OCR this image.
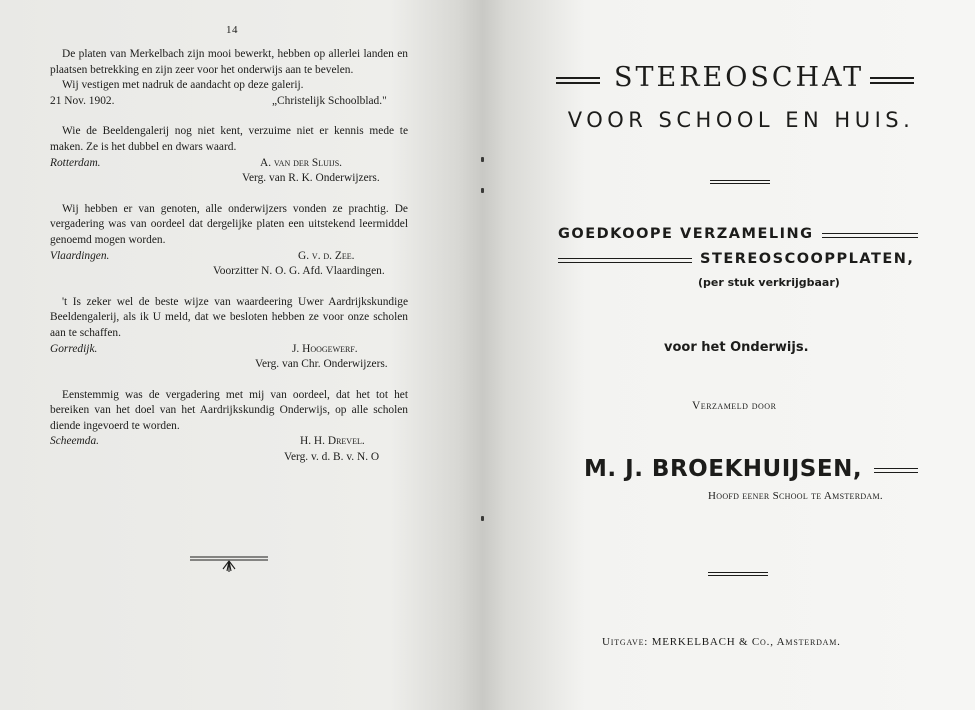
14

De platen van Merkelbach zijn mooi bewerkt, hebben op allerlei landen en plaatsen betrekking en zijn zeer voor het onderwijs aan te bevelen.

Wij vestigen met nadruk de aandacht op deze galerij.

21 Nov. 1902.	„Christelijk Schoolblad."

Wie de Beeldengalerij nog niet kent, verzuime niet er kennis mede te maken. Ze is het dubbel en dwars waard.

Rotterdam.	A. van der Sluijs.
Verg. van R. K. Onderwijzers.

Wij hebben er van genoten, alle onderwijzers vonden ze prachtig. De vergadering was van oordeel dat dergelijke platen een uitstekend leermiddel genoemd mogen worden.

Vlaardingen.	G. v. d. Zee.
Voorzitter N. O. G. Afd. Vlaardingen.

't Is zeker wel de beste wijze van waardeering Uwer Aardrijkskundige Beeldengalerij, als ik U meld, dat we besloten hebben ze voor onze scholen aan te schaffen.

Gorredijk.	J. Hoogewerf.
Verg. van Chr. Onderwijzers.

Eenstemmig was de vergadering met mij van oordeel, dat het tot het bereiken van het doel van het Aardrijkskundig Onderwijs, op alle scholen diende ingevoerd te worden.

Scheemda.	H. H. Drevel.
Verg. v. d. B. v. N. O
STEREOSCHAT
VOOR SCHOOL EN HUIS.
GOEDKOOPE VERZAMELING
STEREOSCOOPPLATEN,
(per stuk verkrijgbaar)
voor het Onderwijs.
Verzameld door
M. J. BROEKHUIJSEN,
Hoofd eener School te Amsterdam.
Uitgave: MERKELBACH & Co., Amsterdam.
